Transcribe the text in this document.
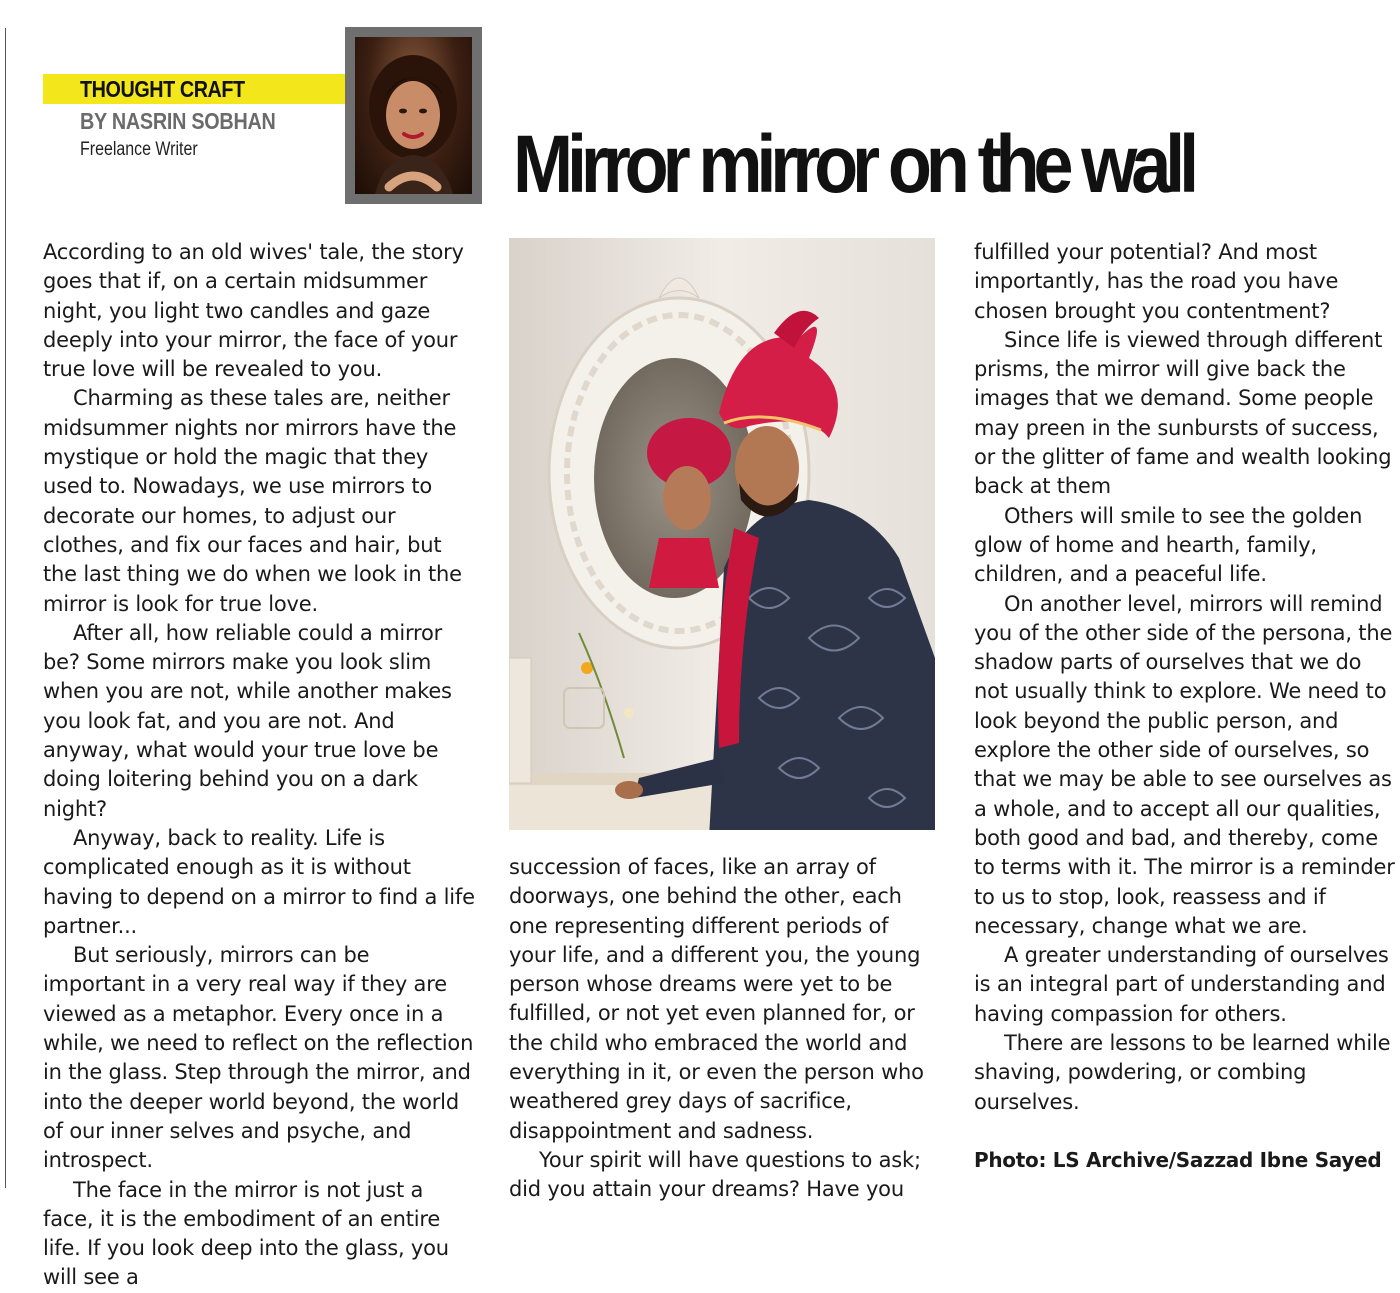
THOUGHT CRAFT
BY NASRIN SOBHAN
Freelance Writer	Mirror mirror on the wall

According to an old wives' tale, the story goes that if, on a certain midsummer night, you light two candles and gaze deeply into your mirror, the face of your true love will be revealed to you.

Charming as these tales are, neither midsummer nights nor mirrors have the mystique or hold the magic that they used to. Nowadays, we use mirrors to decorate our homes, to adjust our clothes, and fix our faces and hair, but the last thing we do when we look in the mirror is look for true love.

After all, how reliable could a mirror be? Some mirrors make you look slim when you are not, while another makes you look fat, and you are not. And anyway, what would your true love be doing loitering behind you on a dark night?

Anyway, back to reality. Life is complicated enough as it is without having to depend on a mirror to find a life partner...

But seriously, mirrors can be important in a very real way if they are viewed as a metaphor. Every once in a while, we need to reflect on the reflection in the glass. Step through the mirror, and into the deeper world beyond, the world of our inner selves and psyche, and introspect.

The face in the mirror is not just a face, it is the embodiment of an entire life. If you look deep into the glass, you will see a

succession of faces, like an array of doorways, one behind the other, each one representing different periods of your life, and a different you, the young person whose dreams were yet to be fulfilled, or not yet even planned for, or the child who embraced the world and everything in it, or even the person who weathered grey days of sacrifice, disappointment and sadness.

Your spirit will have questions to ask; did you attain your dreams? Have you

fulfilled your potential? And most importantly, has the road you have chosen brought you contentment?

Since life is viewed through different prisms, the mirror will give back the images that we demand. Some people may preen in the sunbursts of success, or the glitter of fame and wealth looking back at them

Others will smile to see the golden glow of home and hearth, family, children, and a peaceful life.

On another level, mirrors will remind you of the other side of the persona, the shadow parts of ourselves that we do not usually think to explore. We need to look beyond the public person, and explore the other side of ourselves, so that we may be able to see ourselves as a whole, and to accept all our qualities, both good and bad, and thereby, come to terms with it. The mirror is a reminder to us to stop, look, reassess and if necessary, change what we are.

A greater understanding of ourselves is an integral part of understanding and having compassion for others.

There are lessons to be learned while shaving, powdering, or combing ourselves.

Photo: LS Archive/Sazzad Ibne Sayed
